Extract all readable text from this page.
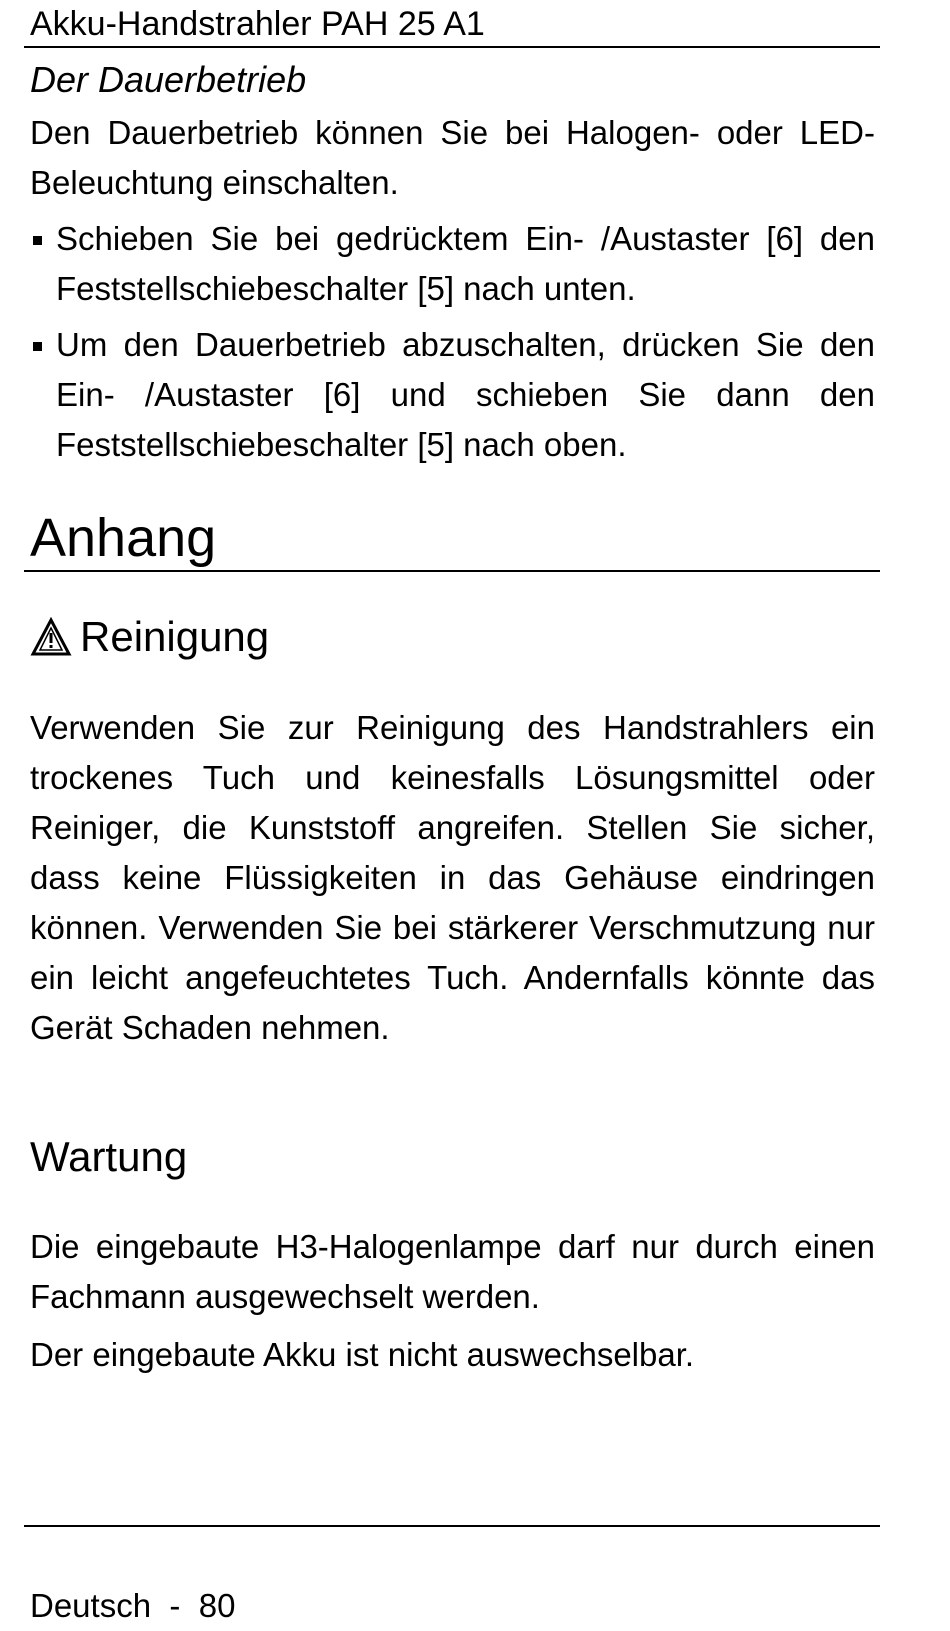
Akku-Handstrahler PAH 25 A1
Der Dauerbetrieb

Den Dauerbetrieb können Sie bei Halogen- oder LED-Beleuchtung einschalten.

Schieben Sie bei gedrücktem Ein- /Austaster [6] den Feststellschiebeschalter [5] nach unten.
Um den Dauerbetrieb abzuschalten, drücken Sie den Ein- /Austaster [6] und schieben Sie dann den Feststellschiebeschalter [5] nach oben.
Anhang
Reinigung

Verwenden Sie zur Reinigung des Handstrahlers ein trockenes Tuch und keinesfalls Lösungsmittel oder Reiniger, die Kunststoff angreifen. Stellen Sie sicher, dass keine Flüssigkeiten in das Gehäuse eindringen können. Verwenden Sie bei stärkerer Verschmutzung nur ein leicht angefeuchtetes Tuch. Andernfalls könnte das Gerät Schaden nehmen.

Wartung

Die eingebaute H3-Halogenlampe darf nur durch einen Fachmann ausgewechselt werden.

Der eingebaute Akku ist nicht auswechselbar.

Deutsch  -  80
